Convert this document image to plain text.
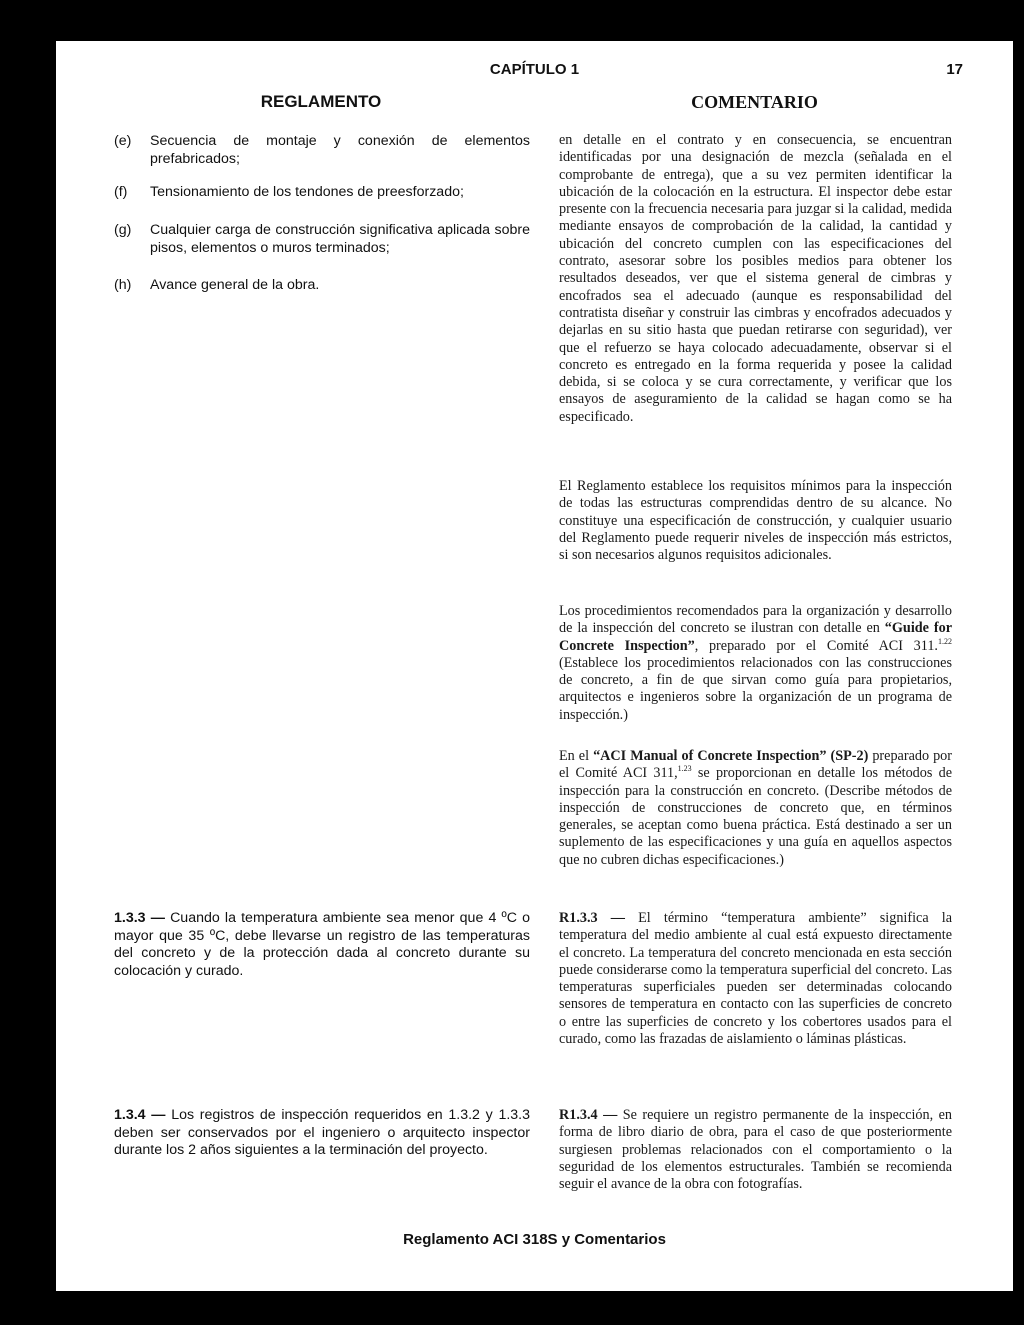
CAPÍTULO 1	17
REGLAMENTO	COMENTARIO
(e)	Secuencia de montaje y conexión de elementos prefabricados;
(f)	Tensionamiento de los tendones de preesforzado;
(g)	Cualquier carga de construcción significativa aplicada sobre pisos, elementos o muros terminados;
(h)	Avance general de la obra.

1.3.3 — Cuando la temperatura ambiente sea menor que 4 ºC o mayor que 35 ºC, debe llevarse un registro de las temperaturas del concreto y de la protección dada al concreto durante su colocación y curado.

1.3.4 — Los registros de inspección requeridos en 1.3.2 y 1.3.3 deben ser conservados por el ingeniero o arquitecto inspector durante los 2 años siguientes a la terminación del proyecto.

en detalle en el contrato y en consecuencia, se encuentran identificadas por una designación de mezcla (señalada en el comprobante de entrega), que a su vez permiten identificar la ubicación de la colocación en la estructura. El inspector debe estar presente con la frecuencia necesaria para juzgar si la calidad, medida mediante ensayos de comprobación de la calidad, la cantidad y ubicación del concreto cumplen con las especificaciones del contrato, asesorar sobre los posibles medios para obtener los resultados deseados, ver que el sistema general de cimbras y encofrados sea el adecuado (aunque es responsabilidad del contratista diseñar y construir las cimbras y encofrados adecuados y dejarlas en su sitio hasta que puedan retirarse con seguridad), ver que el refuerzo se haya colocado adecuadamente, observar si el concreto es entregado en la forma requerida y posee la calidad debida, si se coloca y se cura correctamente, y verificar que los ensayos de aseguramiento de la calidad se hagan como se ha especificado.

El Reglamento establece los requisitos mínimos para la inspección de todas las estructuras comprendidas dentro de su alcance. No constituye una especificación de construcción, y cualquier usuario del Reglamento puede requerir niveles de inspección más estrictos, si son necesarios algunos requisitos adicionales.

Los procedimientos recomendados para la organización y desarrollo de la inspección del concreto se ilustran con detalle en “Guide for Concrete Inspection”, preparado por el Comité ACI 311.$^{1.22}$ (Establece los procedimientos relacionados con las construcciones de concreto, a fin de que sirvan como guía para propietarios, arquitectos e ingenieros sobre la organización de un programa de inspección.)

En el “ACI Manual of Concrete Inspection” (SP-2) preparado por el Comité ACI 311,$^{1.23}$ se proporcionan en detalle los métodos de inspección para la construcción en concreto. (Describe métodos de inspección de construcciones de concreto que, en términos generales, se aceptan como buena práctica. Está destinado a ser un suplemento de las especificaciones y una guía en aquellos aspectos que no cubren dichas especificaciones.)

R1.3.3 — El término “temperatura ambiente” significa la temperatura del medio ambiente al cual está expuesto directamente el concreto. La temperatura del concreto mencionada en esta sección puede considerarse como la temperatura superficial del concreto. Las temperaturas superficiales pueden ser determinadas colocando sensores de temperatura en contacto con las superficies de concreto o entre las superficies de concreto y los cobertores usados para el curado, como las frazadas de aislamiento o láminas plásticas.

R1.3.4 — Se requiere un registro permanente de la inspección, en forma de libro diario de obra, para el caso de que posteriormente surgiesen problemas relacionados con el comportamiento o la seguridad de los elementos estructurales. También se recomienda seguir el avance de la obra con fotografías.

Reglamento ACI 318S y Comentarios
